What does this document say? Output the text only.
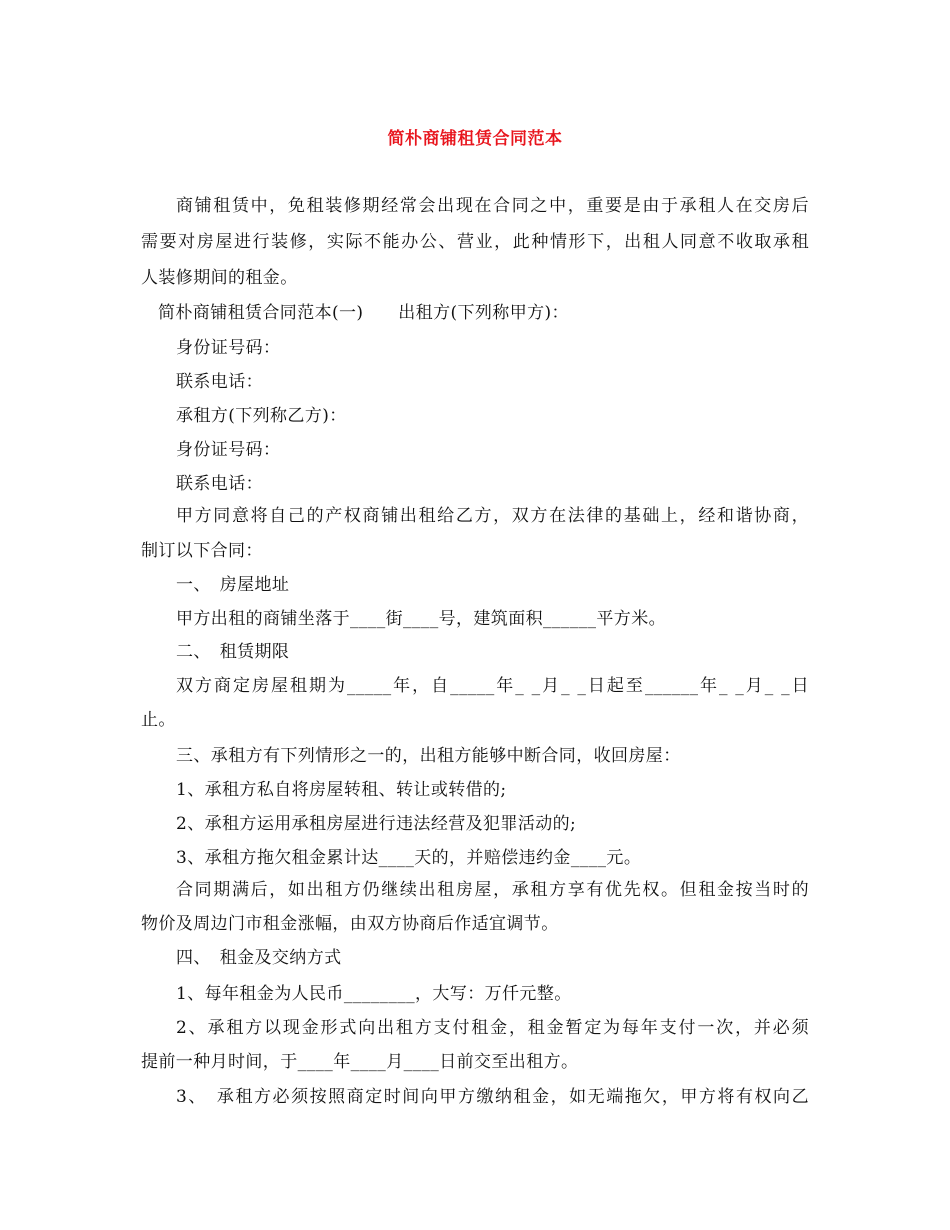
简朴商铺租赁合同范本
商铺租赁中，免租装修期经常会出现在合同之中，重要是由于承租人在交房后
需要对房屋进行装修，实际不能办公、营业，此种情形下，出租人同意不收取承租
人装修期间的租金。
简朴商铺租赁合同范本(一)　　出租方(下列称甲方)：
身份证号码：
联系电话：
承租方(下列称乙方)：
身份证号码：
联系电话：
甲方同意将自己的产权商铺出租给乙方，双方在法律的基础上，经和谐协商，
制订以下合同：
一、　房屋地址
甲方出租的商铺坐落于____街____号，建筑面积______平方米。
二、　租赁期限
双方商定房屋租期为_____年，自_____年_ _月_ _日起至______年_ _月_ _日
止。
三、承租方有下列情形之一的，出租方能够中断合同，收回房屋：
1、承租方私自将房屋转租、转让或转借的;
2、承租方运用承租房屋进行违法经营及犯罪活动的;
3、承租方拖欠租金累计达____天的，并赔偿违约金____元。
合同期满后，如出租方仍继续出租房屋，承租方享有优先权。但租金按当时的
物价及周边门市租金涨幅，由双方协商后作适宜调节。
四、　租金及交纳方式
1、每年租金为人民币________，大写：万仟元整。
2、承租方以现金形式向出租方支付租金，租金暂定为每年支付一次，并必须
提前一种月时间，于____年____月____日前交至出租方。
3、　承租方必须按照商定时间向甲方缴纳租金，如无端拖欠，甲方将有权向乙
